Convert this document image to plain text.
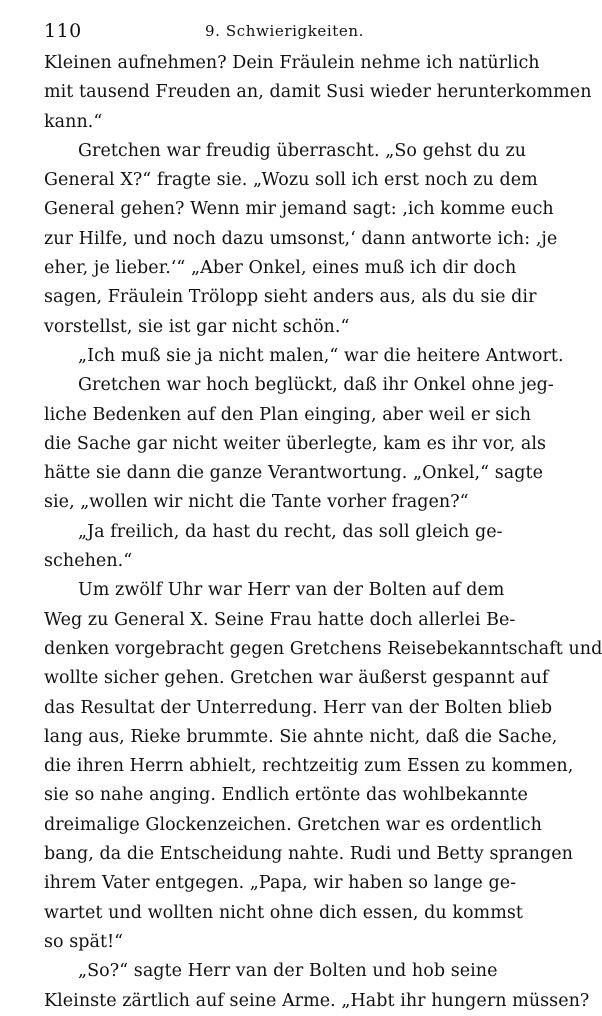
110	9. Schwierigkeiten.
Kleinen aufnehmen? Dein Fräulein nehme ich natürlich
mit tausend Freuden an, damit Susi wieder herunterkommen
kann.“
Gretchen war freudig überrascht. „So gehst du zu
General X?“ fragte sie. „Wozu soll ich erst noch zu dem
General gehen? Wenn mir jemand sagt: ‚ich komme euch
zur Hilfe, und noch dazu umsonst,‘ dann antworte ich: ‚je
eher, je lieber.‘“ „Aber Onkel, eines muß ich dir doch
sagen, Fräulein Trölopp sieht anders aus, als du sie dir
vorstellst, sie ist gar nicht schön.“
„Ich muß sie ja nicht malen,“ war die heitere Antwort.
Gretchen war hoch beglückt, daß ihr Onkel ohne jeg-
liche Bedenken auf den Plan einging, aber weil er sich
die Sache gar nicht weiter überlegte, kam es ihr vor, als
hätte sie dann die ganze Verantwortung. „Onkel,“ sagte
sie, „wollen wir nicht die Tante vorher fragen?“
„Ja freilich, da hast du recht, das soll gleich ge-
schehen.“
Um zwölf Uhr war Herr van der Bolten auf dem
Weg zu General X. Seine Frau hatte doch allerlei Be-
denken vorgebracht gegen Gretchens Reisebekanntschaft und
wollte sicher gehen. Gretchen war äußerst gespannt auf
das Resultat der Unterredung. Herr van der Bolten blieb
lang aus, Rieke brummte. Sie ahnte nicht, daß die Sache,
die ihren Herrn abhielt, rechtzeitig zum Essen zu kommen,
sie so nahe anging. Endlich ertönte das wohlbekannte
dreimalige Glockenzeichen. Gretchen war es ordentlich
bang, da die Entscheidung nahte. Rudi und Betty sprangen
ihrem Vater entgegen. „Papa, wir haben so lange ge-
wartet und wollten nicht ohne dich essen, du kommst
so spät!“
„So?“ sagte Herr van der Bolten und hob seine
Kleinste zärtlich auf seine Arme. „Habt ihr hungern müssen?
